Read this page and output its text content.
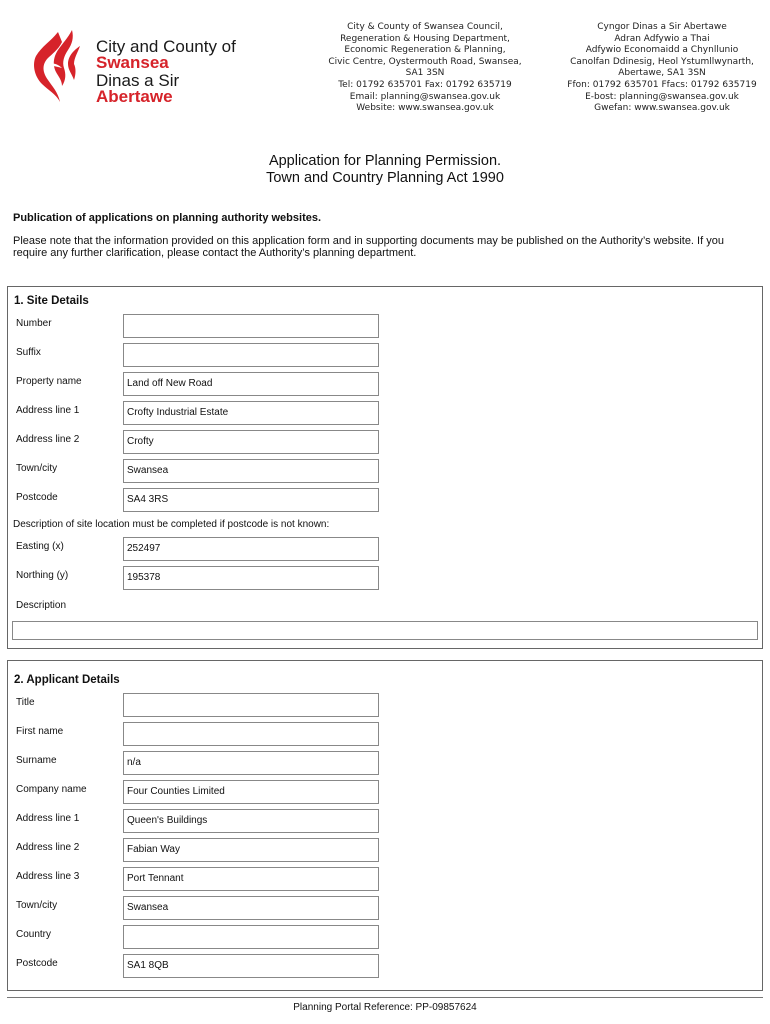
City and County of
Swansea
Dinas a Sir
Abertawe
City & County of Swansea Council,
Regeneration & Housing Department,
Economic Regeneration & Planning,
Civic Centre, Oystermouth Road, Swansea,
SA1 3SN
Tel: 01792 635701 Fax: 01792 635719
Email: planning@swansea.gov.uk
Website: www.swansea.gov.uk
Cyngor Dinas a Sir Abertawe
Adran Adfywio a Thai
Adfywio Economaidd a Chynllunio
Canolfan Ddinesig, Heol Ystumllwynarth,
Abertawe, SA1 3SN
Ffon: 01792 635701 Ffacs: 01792 635719
E-bost: planning@swansea.gov.uk
Gwefan: www.swansea.gov.uk
Application for Planning Permission.
Town and Country Planning Act 1990
Publication of applications on planning authority websites.
Please note that the information provided on this application form and in supporting documents may be published on the Authority’s website. If you require any further clarification, please contact the Authority’s planning department.
1. Site Details
Number
Suffix
Property name	Land off New Road
Address line 1	Crofty Industrial Estate
Address line 2	Crofty
Town/city	Swansea
Postcode	SA4 3RS
Description of site location must be completed if postcode is not known:
Easting (x)	252497
Northing (y)	195378
Description
2. Applicant Details
Title
First name
Surname	n/a
Company name	Four Counties Limited
Address line 1	Queen's Buildings
Address line 2	Fabian Way
Address line 3	Port Tennant
Town/city	Swansea
Country
Postcode	SA1 8QB
Planning Portal Reference: PP-09857624
